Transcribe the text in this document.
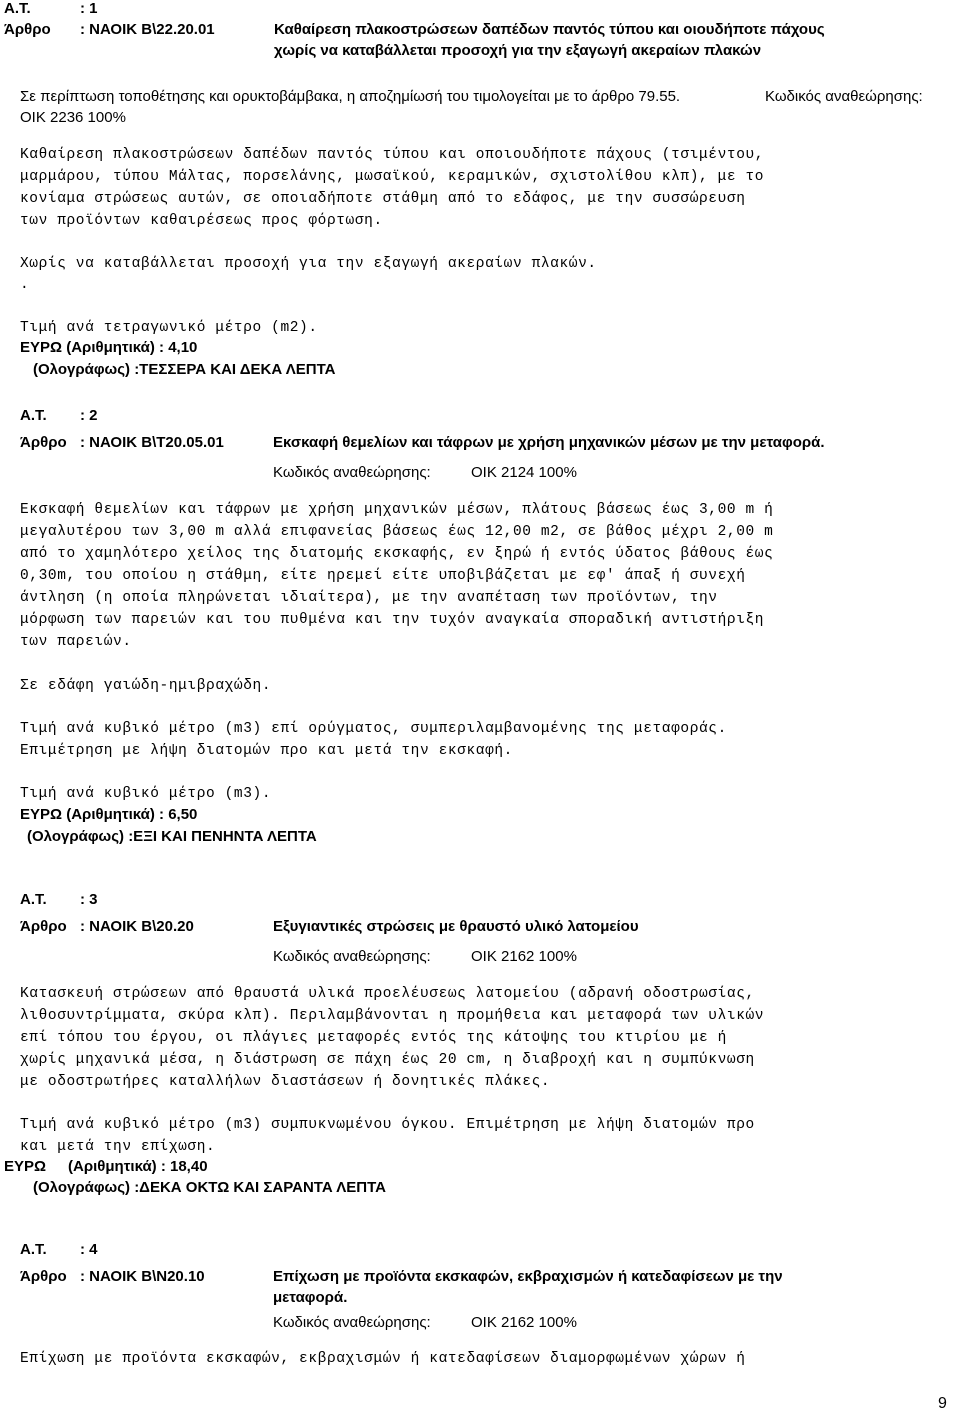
Α.Τ.	: 1
Άρθρο : ΝΑΟΙΚ Β\22.20.01	Καθαίρεση πλακοστρώσεων δαπέδων παντός τύπου και οιουδήποτε πάχους
χωρίς να καταβάλλεται προσοχή για την εξαγωγή ακεραίων πλακών
Σε περίπτωση τοποθέτησης και ορυκτοβάμβακα, η αποζημίωσή του τιμολογείται με το άρθρο 79.55.	Κωδικός αναθεώρησης:
ΟΙΚ 2236 100%
Καθαίρεση πλακοστρώσεων δαπέδων παντός τύπου και οποιουδήποτε πάχους (τσιμέντου,
μαρμάρου, τύπου Μάλτας, πορσελάνης, μωσαϊκού, κεραμικών, σχιστολίθου κλπ), με το
κονίαμα στρώσεως αυτών, σε οποιαδήποτε στάθμη από το εδάφος, με την συσσώρευση
των προϊόντων καθαιρέσεως προς φόρτωση.
Χωρίς να καταβάλλεται προσοχή για την εξαγωγή ακεραίων πλακών.
.
Τιμή ανά τετραγωνικό μέτρο (m2).
ΕΥΡΩ (Αριθμητικά) : 4,10
(Ολογράφως) :ΤΕΣΣΕΡΑ ΚΑΙ ΔΕΚΑ ΛΕΠΤΑ
Α.Τ. : 2
Άρθρο : ΝΑΟΙΚ Β\Τ20.05.01	Εκσκαφή θεμελίων και τάφρων με χρήση μηχανικών μέσων με την μεταφορά.
Κωδικός αναθεώρησης:	ΟΙΚ 2124 100%
Εκσκαφή θεμελίων και τάφρων με χρήση μηχανικών μέσων, πλάτους βάσεως έως 3,00 m ή
μεγαλυτέρου των 3,00 m αλλά επιφανείας βάσεως έως 12,00 m2, σε βάθος μέχρι 2,00 m
από το χαμηλότερο χείλος της διατομής εκσκαφής, εν ξηρώ ή εντός ύδατος βάθους έως
0,30m, του οποίου η στάθμη, είτε ηρεμεί είτε υποβιβάζεται με εφ' άπαξ ή συνεχή
άντληση (η οποία πληρώνεται ιδιαίτερα), με την αναπέταση των προϊόντων, την
μόρφωση των παρειών και του πυθμένα και την τυχόν αναγκαία σποραδική αντιστήριξη
των παρειών.
Σε εδάφη γαιώδη-ημιβραχώδη.
Τιμή ανά κυβικό μέτρο (m3) επί ορύγματος, συμπεριλαμβανομένης της μεταφοράς.
Επιμέτρηση με λήψη διατομών προ και μετά την εκσκαφή.
Τιμή ανά κυβικό μέτρο (m3).
ΕΥΡΩ (Αριθμητικά) : 6,50
(Ολογράφως) :ΕΞΙ ΚΑΙ ΠΕΝΗΝΤΑ ΛΕΠΤΑ
Α.Τ. : 3
Άρθρο : ΝΑΟΙΚ Β\20.20	Εξυγιαντικές στρώσεις με θραυστό υλικό λατομείου
Κωδικός αναθεώρησης:	ΟΙΚ 2162 100%
Κατασκευή στρώσεων από θραυστά υλικά προελέυσεως λατομείου (αδρανή οδοστρωσίας,
λιθοσυντρίμματα, σκύρα κλπ). Περιλαμβάνονται η προμήθεια και μεταφορά των υλικών
επί τόπου του έργου, οι πλάγιες μεταφορές εντός της κάτοψης του κτιρίου με ή
χωρίς μηχανικά μέσα, η διάστρωση σε πάχη έως 20 cm, η διαβροχή και η συμπύκνωση
με οδοστρωτήρες καταλλήλων διαστάσεων ή δονητικές πλάκες.
Τιμή ανά κυβικό μέτρο (m3) συμπυκνωμένου όγκου. Επιμέτρηση με λήψη διατομών προ
και μετά την επίχωση.
ΕΥΡΩ (Αριθμητικά) : 18,40
(Ολογράφως) :ΔΕΚΑ ΟΚΤΩ ΚΑΙ ΣΑΡΑΝΤΑ ΛΕΠΤΑ
Α.Τ. : 4
Άρθρο : ΝΑΟΙΚ Β\Ν20.10	Επίχωση με προϊόντα εκσκαφών, εκβραχισμών ή κατεδαφίσεων με την
μεταφορά.
Κωδικός αναθεώρησης:	ΟΙΚ 2162 100%
Επίχωση με προϊόντα εκσκαφών, εκβραχισμών ή κατεδαφίσεων διαμορφωμένων χώρων ή
9
